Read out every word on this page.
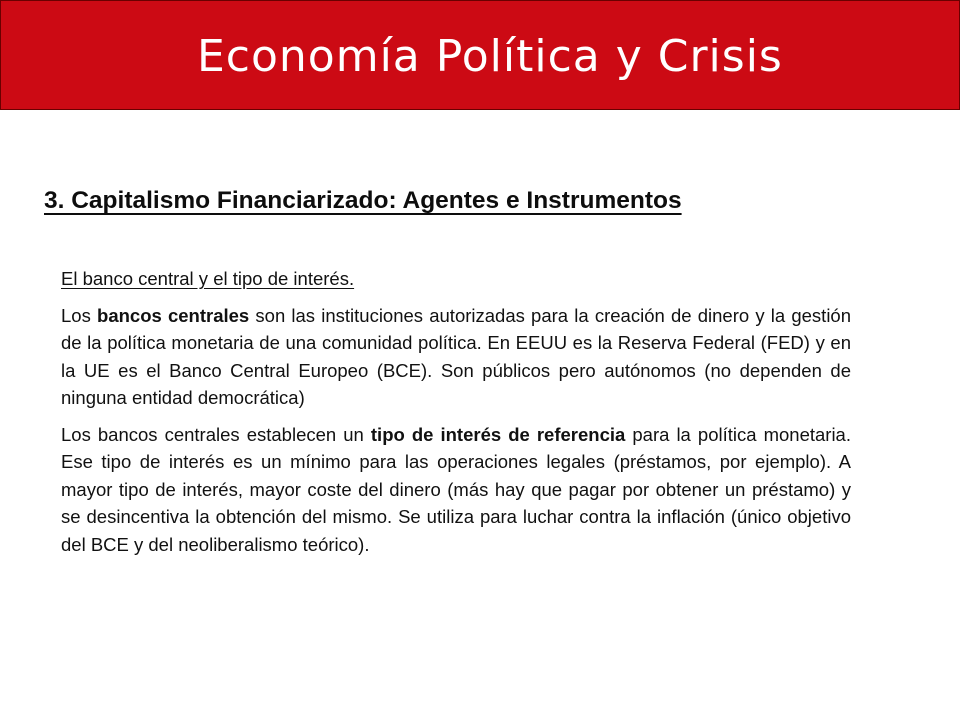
Economía Política y Crisis
3. Capitalismo Financiarizado: Agentes e Instrumentos

El banco central y el tipo de interés.

Los bancos centrales son las instituciones autorizadas para la creación de dinero y la gestión de la política monetaria de una comunidad política. En EEUU es la Reserva Federal (FED) y en la UE es el Banco Central Europeo (BCE). Son públicos pero autónomos (no dependen de ninguna entidad democrática)

Los bancos centrales establecen un tipo de interés de referencia para la política monetaria. Ese tipo de interés es un mínimo para las operaciones legales (préstamos, por ejemplo). A mayor tipo de interés, mayor coste del dinero (más hay que pagar por obtener un préstamo) y se desincentiva la obtención del mismo. Se utiliza para luchar contra la inflación (único objetivo del BCE y del neoliberalismo teórico).
